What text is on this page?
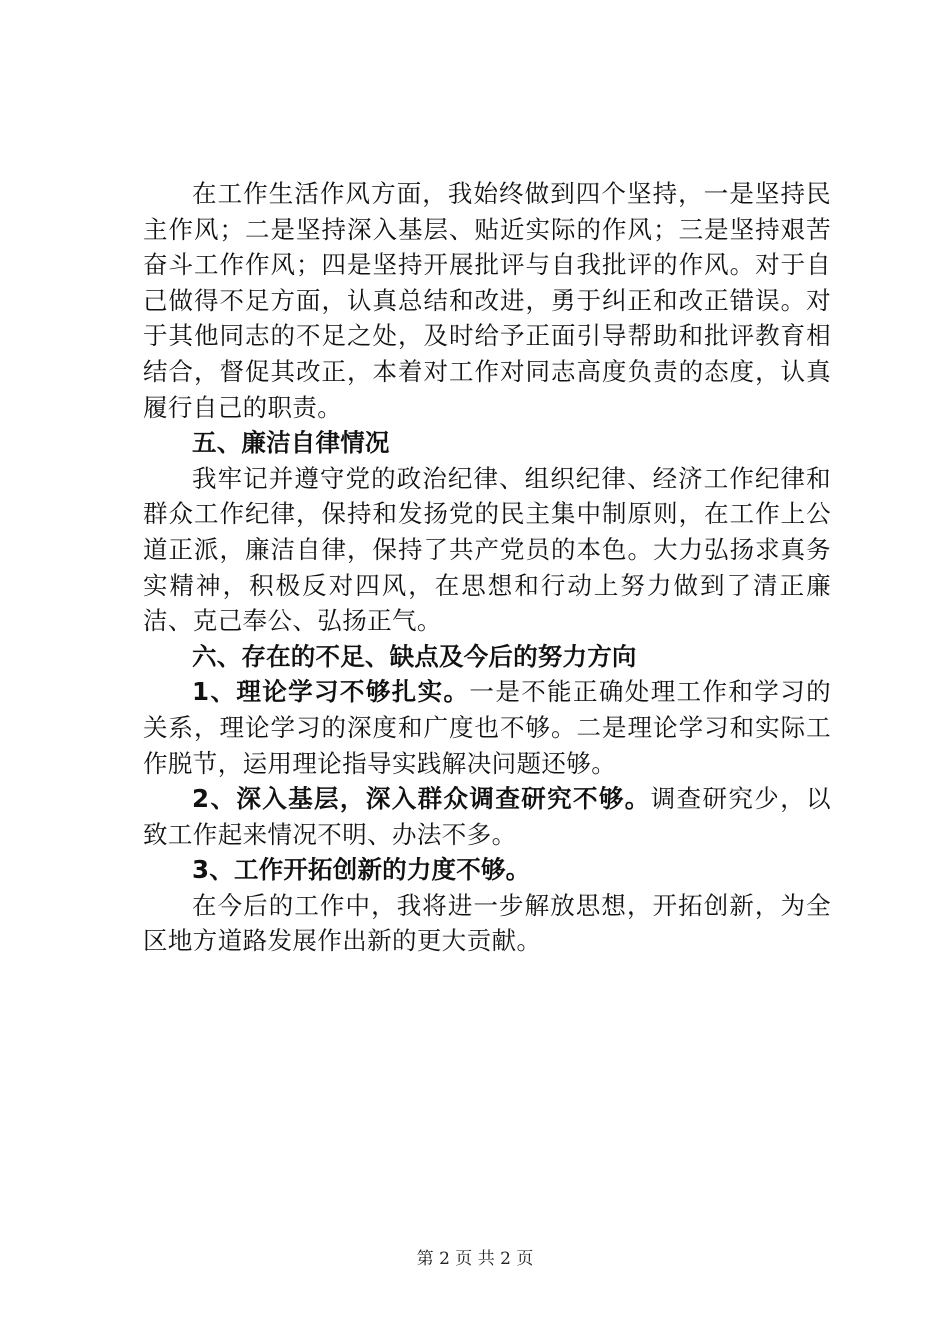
在工作生活作风方面，我始终做到四个坚持，一是坚持民主作风；二是坚持深入基层、贴近实际的作风；三是坚持艰苦奋斗工作作风；四是坚持开展批评与自我批评的作风。对于自己做得不足方面，认真总结和改进，勇于纠正和改正错误。对于其他同志的不足之处，及时给予正面引导帮助和批评教育相结合，督促其改正，本着对工作对同志高度负责的态度，认真履行自己的职责。

五、廉洁自律情况

我牢记并遵守党的政治纪律、组织纪律、经济工作纪律和群众工作纪律，保持和发扬党的民主集中制原则，在工作上公道正派，廉洁自律，保持了共产党员的本色。大力弘扬求真务实精神，积极反对四风，在思想和行动上努力做到了清正廉洁、克己奉公、弘扬正气。

六、存在的不足、缺点及今后的努力方向

1、理论学习不够扎实。一是不能正确处理工作和学习的关系，理论学习的深度和广度也不够。二是理论学习和实际工作脱节，运用理论指导实践解决问题还够。

2、深入基层，深入群众调查研究不够。调查研究少，以致工作起来情况不明、办法不多。

3、工作开拓创新的力度不够。

在今后的工作中，我将进一步解放思想，开拓创新，为全区地方道路发展作出新的更大贡献。

第 2 页 共 2 页
